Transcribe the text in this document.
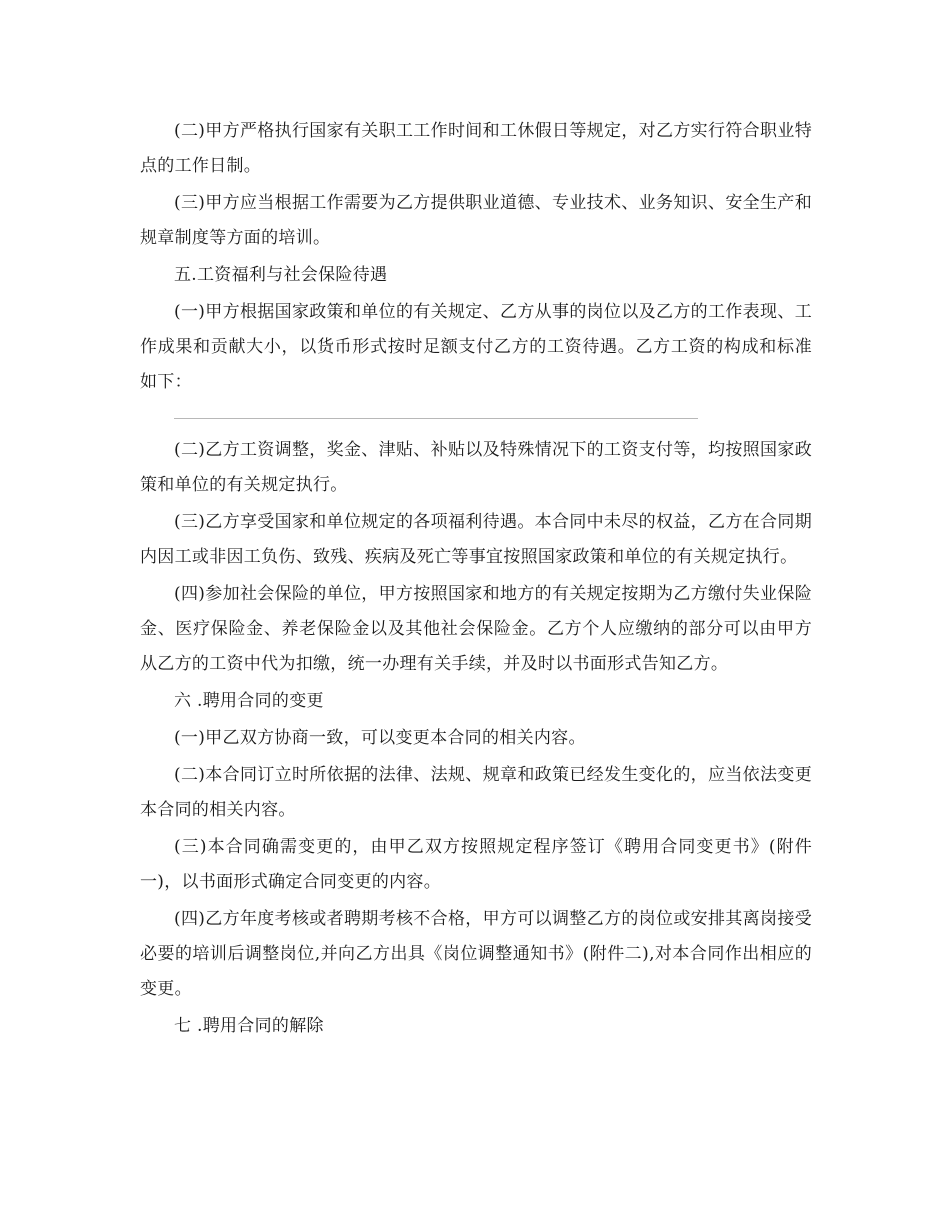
(二)甲方严格执行国家有关职工工作时间和工休假日等规定，对乙方实行符合职业特点的工作日制。

(三)甲方应当根据工作需要为乙方提供职业道德、专业技术、业务知识、安全生产和规章制度等方面的培训。

五.工资福利与社会保险待遇

(一)甲方根据国家政策和单位的有关规定、乙方从事的岗位以及乙方的工作表现、工作成果和贡献大小，以货币形式按时足额支付乙方的工资待遇。乙方工资的构成和标准如下：

(二)乙方工资调整，奖金、津贴、补贴以及特殊情况下的工资支付等，均按照国家政策和单位的有关规定执行。

(三)乙方享受国家和单位规定的各项福利待遇。本合同中未尽的权益，乙方在合同期内因工或非因工负伤、致残、疾病及死亡等事宜按照国家政策和单位的有关规定执行。

(四)参加社会保险的单位，甲方按照国家和地方的有关规定按期为乙方缴付失业保险金、医疗保险金、养老保险金以及其他社会保险金。乙方个人应缴纳的部分可以由甲方从乙方的工资中代为扣缴，统一办理有关手续，并及时以书面形式告知乙方。

六 .聘用合同的变更

(一)甲乙双方协商一致，可以变更本合同的相关内容。

(二)本合同订立时所依据的法律、法规、规章和政策已经发生变化的，应当依法变更本合同的相关内容。

(三)本合同确需变更的，由甲乙双方按照规定程序签订《聘用合同变更书》(附件一)，以书面形式确定合同变更的内容。

(四)乙方年度考核或者聘期考核不合格，甲方可以调整乙方的岗位或安排其离岗接受必要的培训后调整岗位,并向乙方出具《岗位调整通知书》(附件二),对本合同作出相应的变更。

七 .聘用合同的解除
